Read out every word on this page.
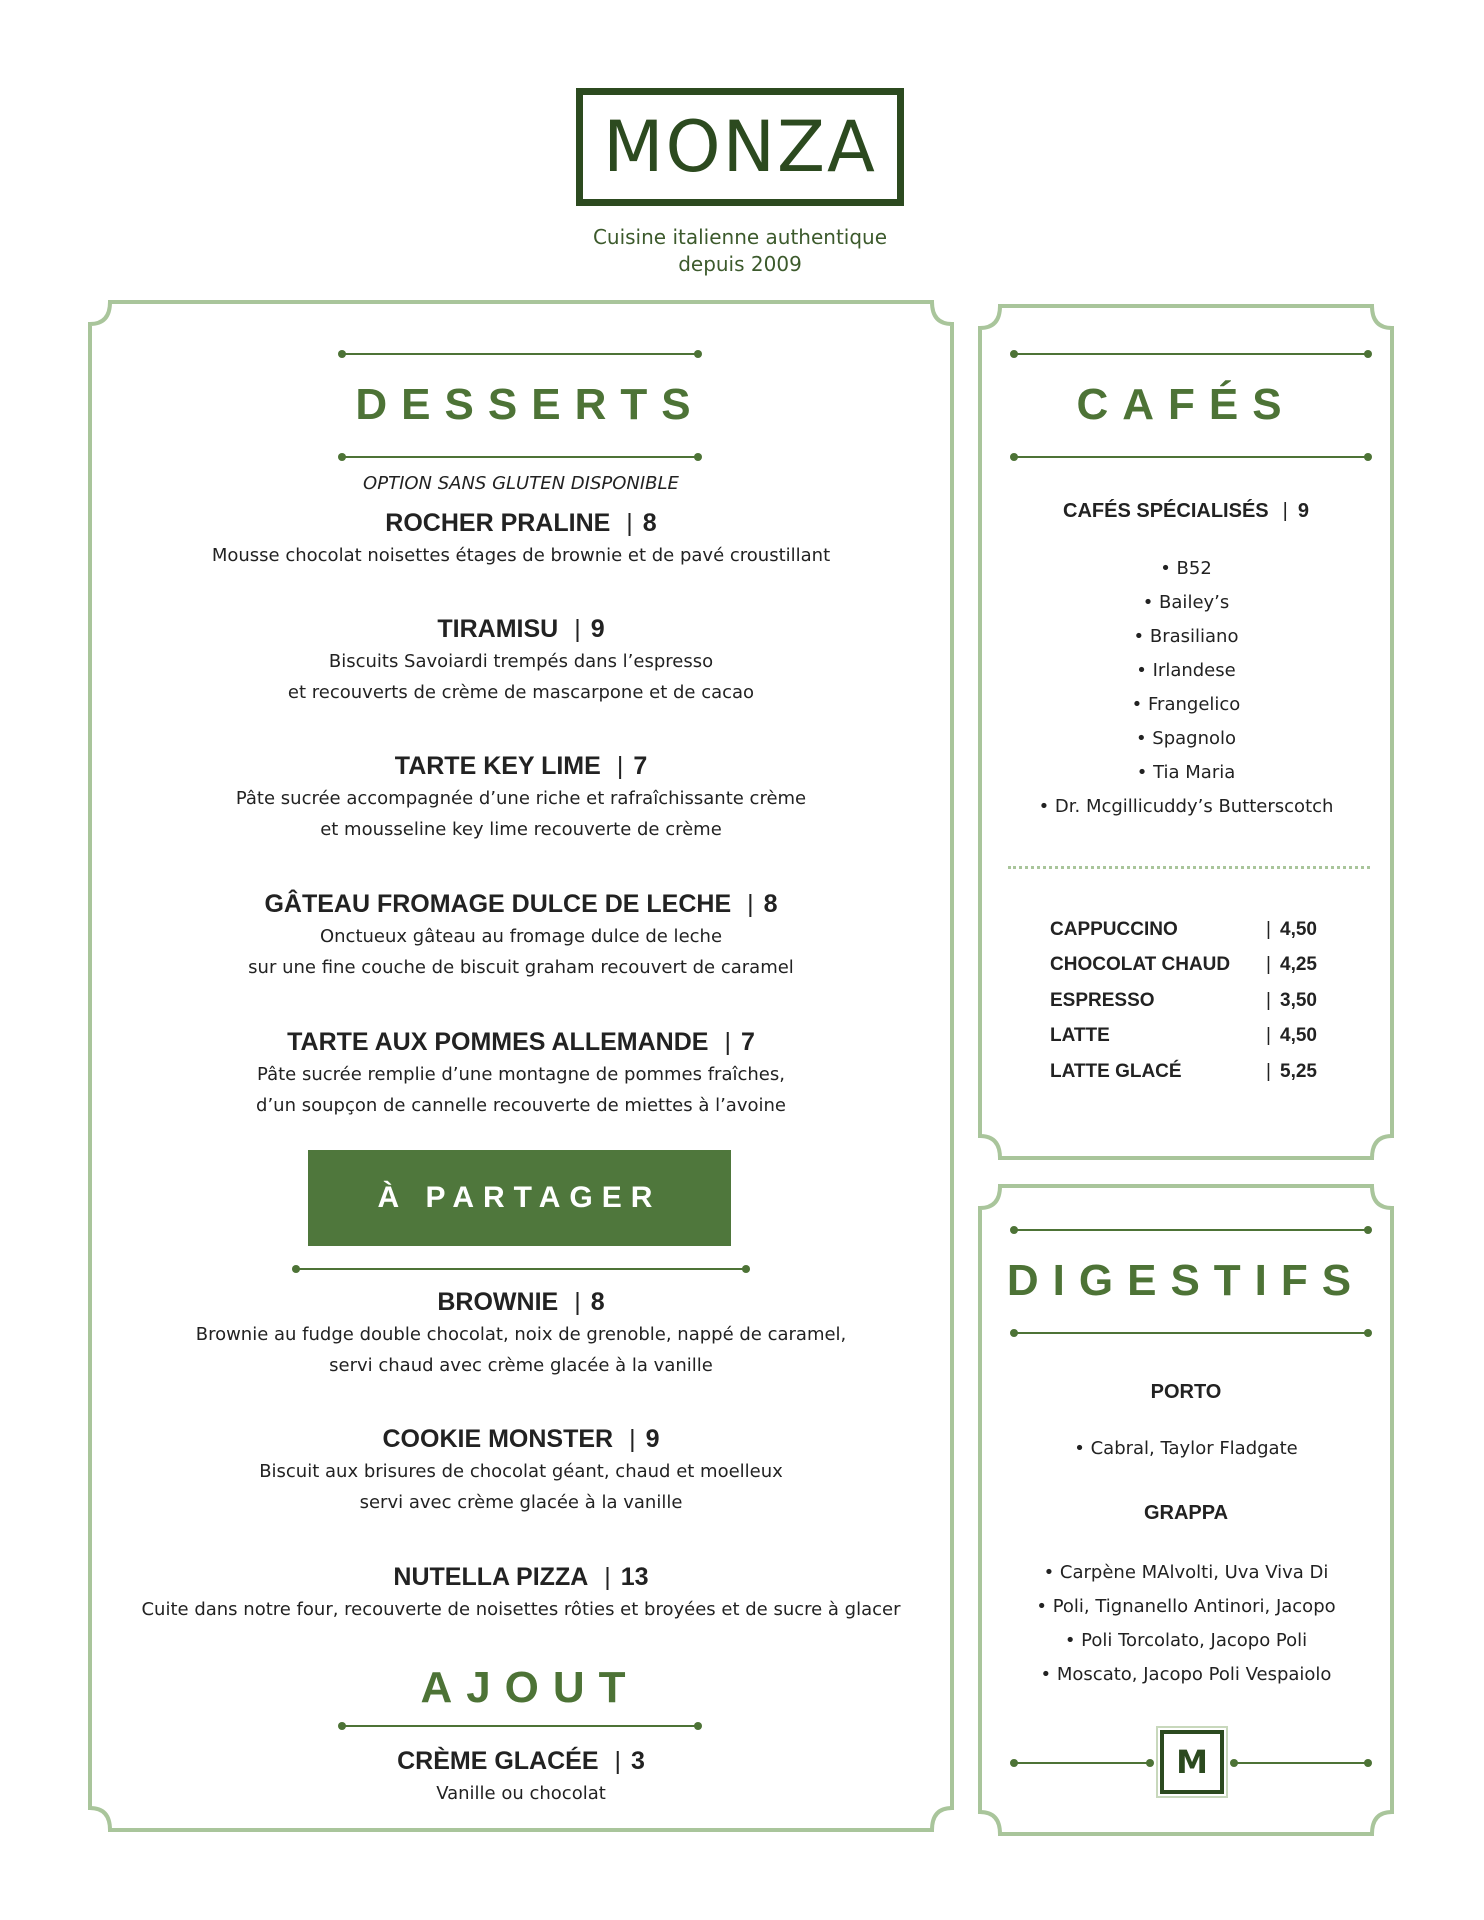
MONZA
Cuisine italienne authentique
depuis 2009
DESSERTS
OPTION SANS GLUTEN DISPONIBLE
ROCHER PRALINE | 8
Mousse chocolat noisettes étages de brownie et de pavé croustillant
TIRAMISU | 9
Biscuits Savoiardi trempés dans l’espresso
et recouverts de crème de mascarpone et de cacao
TARTE KEY LIME | 7
Pâte sucrée accompagnée d’une riche et rafraîchissante crème
et mousseline key lime recouverte de crème
GÂTEAU FROMAGE DULCE DE LECHE | 8
Onctueux gâteau au fromage dulce de leche
sur une fine couche de biscuit graham recouvert de caramel
TARTE AUX POMMES ALLEMANDE | 7
Pâte sucrée remplie d’une montagne de pommes fraîches,
d’un soupçon de cannelle recouverte de miettes à l’avoine
À PARTAGER
BROWNIE | 8
Brownie au fudge double chocolat, noix de grenoble, nappé de caramel,
servi chaud avec crème glacée à la vanille
COOKIE MONSTER | 9
Biscuit aux brisures de chocolat géant, chaud et moelleux
servi avec crème glacée à la vanille
NUTELLA PIZZA | 13
Cuite dans notre four, recouverte de noisettes rôties et broyées et de sucre à glacer
AJOUT
CRÈME GLACÉE | 3
Vanille ou chocolat
CAFÉS
CAFÉS SPÉCIALISÉS | 9
• B52
• Bailey’s
• Brasiliano
• Irlandese
• Frangelico
• Spagnolo
• Tia Maria
• Dr. Mcgillicuddy’s Butterscotch
CAPPUCCINO	|	4,50
CHOCOLAT CHAUD	|	4,25
ESPRESSO	|	3,50
LATTE	|	4,50
LATTE GLACÉ	|	5,25
DIGESTIFS
PORTO
• Cabral, Taylor Fladgate
GRAPPA
• Carpène MAlvolti, Uva Viva Di
• Poli, Tignanello Antinori, Jacopo
• Poli Torcolato, Jacopo Poli
• Moscato, Jacopo Poli Vespaiolo
M
